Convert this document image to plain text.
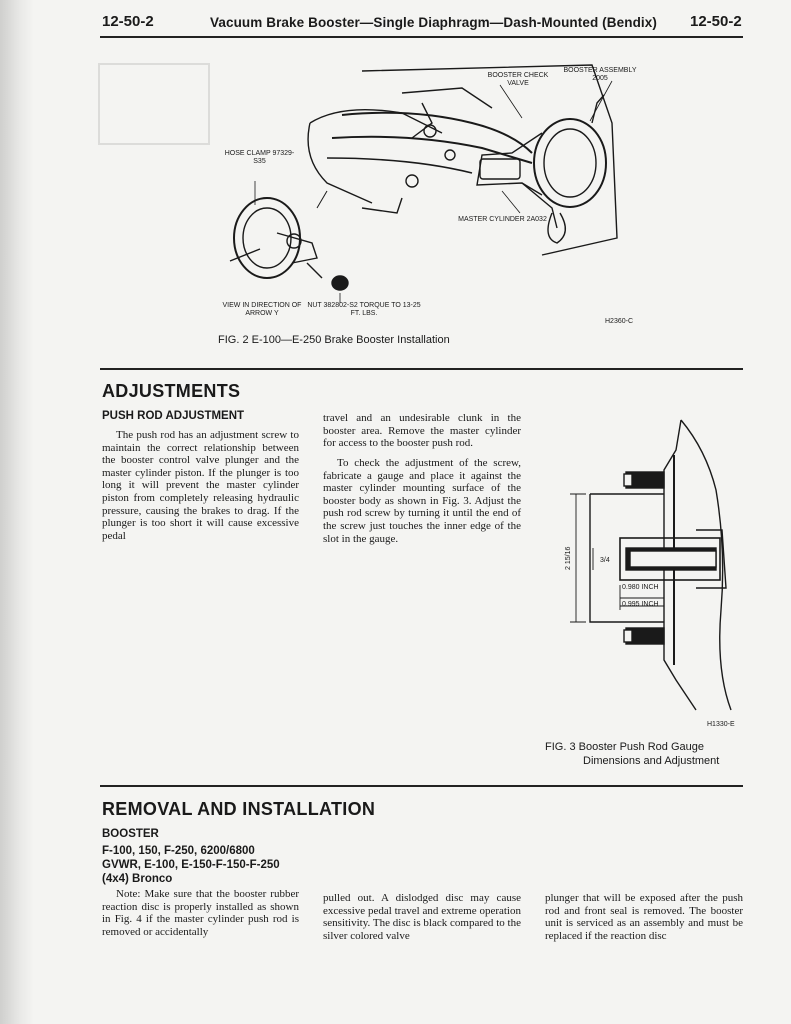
12-50-2	Vacuum Brake Booster—Single Diaphragm—Dash-Mounted (Bendix) 12-50-2
BOOSTER CHECK VALVE
BOOSTER ASSEMBLY 2005
HOSE CLAMP 97329-S35
MASTER CYLINDER 2A032
VIEW IN DIRECTION OF ARROW Y
NUT 382802-S2 TORQUE TO 13-25 FT. LBS.
H2360-C
FIG. 2 E-100—E-250 Brake Booster Installation
ADJUSTMENTS
PUSH ROD ADJUSTMENT

The push rod has an adjustment screw to maintain the correct relationship between the booster control valve plunger and the master cylinder piston. If the plunger is too long it will prevent the master cylinder piston from completely releasing hydraulic pressure, causing the brakes to drag. If the plunger is too short it will cause excessive pedal

travel and an undesirable clunk in the booster area. Remove the master cylinder for access to the booster push rod.

To check the adjustment of the screw, fabricate a gauge and place it against the master cylinder mounting surface of the booster body as shown in Fig. 3. Adjust the push rod screw by turning it until the end of the screw just touches the inner edge of the slot in the gauge.

2 15/16	3/4
0.980 INCH
0.995 INCH
H1330-E
FIG. 3 Booster Push Rod Gauge
Dimensions and Adjustment
REMOVAL AND INSTALLATION
BOOSTER
F-100, 150, F-250, 6200/6800
GVWR, E-100, E-150-F-150-F-250
(4x4) Bronco

Note: Make sure that the booster rubber reaction disc is properly installed as shown in Fig. 4 if the master cylinder push rod is removed or accidentally

pulled out. A dislodged disc may cause excessive pedal travel and extreme operation sensitivity. The disc is black compared to the silver colored valve

plunger that will be exposed after the push rod and front seal is removed. The booster unit is serviced as an assembly and must be replaced if the reaction disc
